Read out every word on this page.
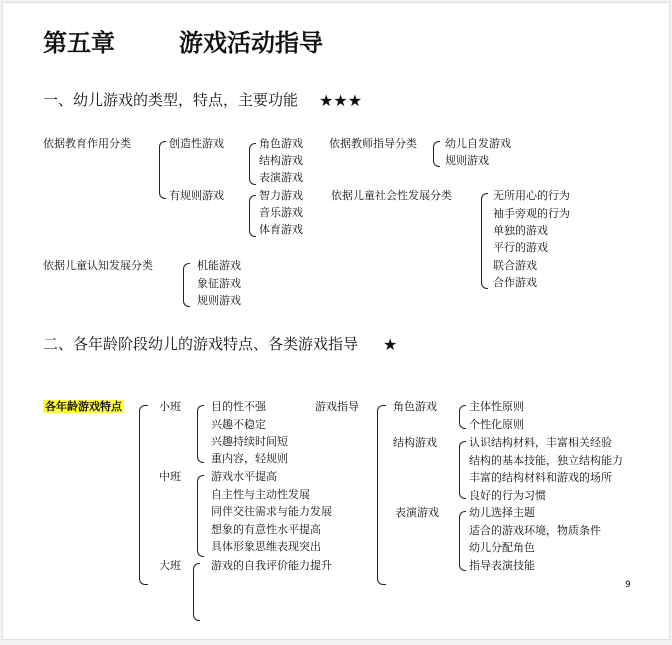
第五章	游戏活动指导
一、幼儿游戏的类型，特点，主要功能 ★★★
依据教育作用分类	创造性游戏	角色游戏
结构游戏
表演游戏
有规则游戏	智力游戏
音乐游戏
体育游戏
依据教师指导分类	幼儿自发游戏
规则游戏
依据儿童社会性发展分类	无所用心的行为
袖手旁观的行为
单独的游戏
平行的游戏
联合游戏
合作游戏
依据儿童认知发展分类	机能游戏
象征游戏
规则游戏
二、各年龄阶段幼儿的游戏特点、各类游戏指导 ★
各年龄游戏特点	小班	目的性不强
兴趣不稳定
兴趣持续时间短
重内容，轻规则
中班	游戏水平提高
自主性与主动性发展
同伴交往需求与能力发展
想象的有意性水平提高
具体形象思维表现突出
大班	游戏的自我评价能力提升
游戏指导	角色游戏	主体性原则
个性化原则
结构游戏	认识结构材料，丰富相关经验
结构的基本技能，独立结构能力
丰富的结构材料和游戏的场所
良好的行为习惯
表演游戏	幼儿选择主题
适合的游戏环境，物质条件
幼儿分配角色
指导表演技能
9
